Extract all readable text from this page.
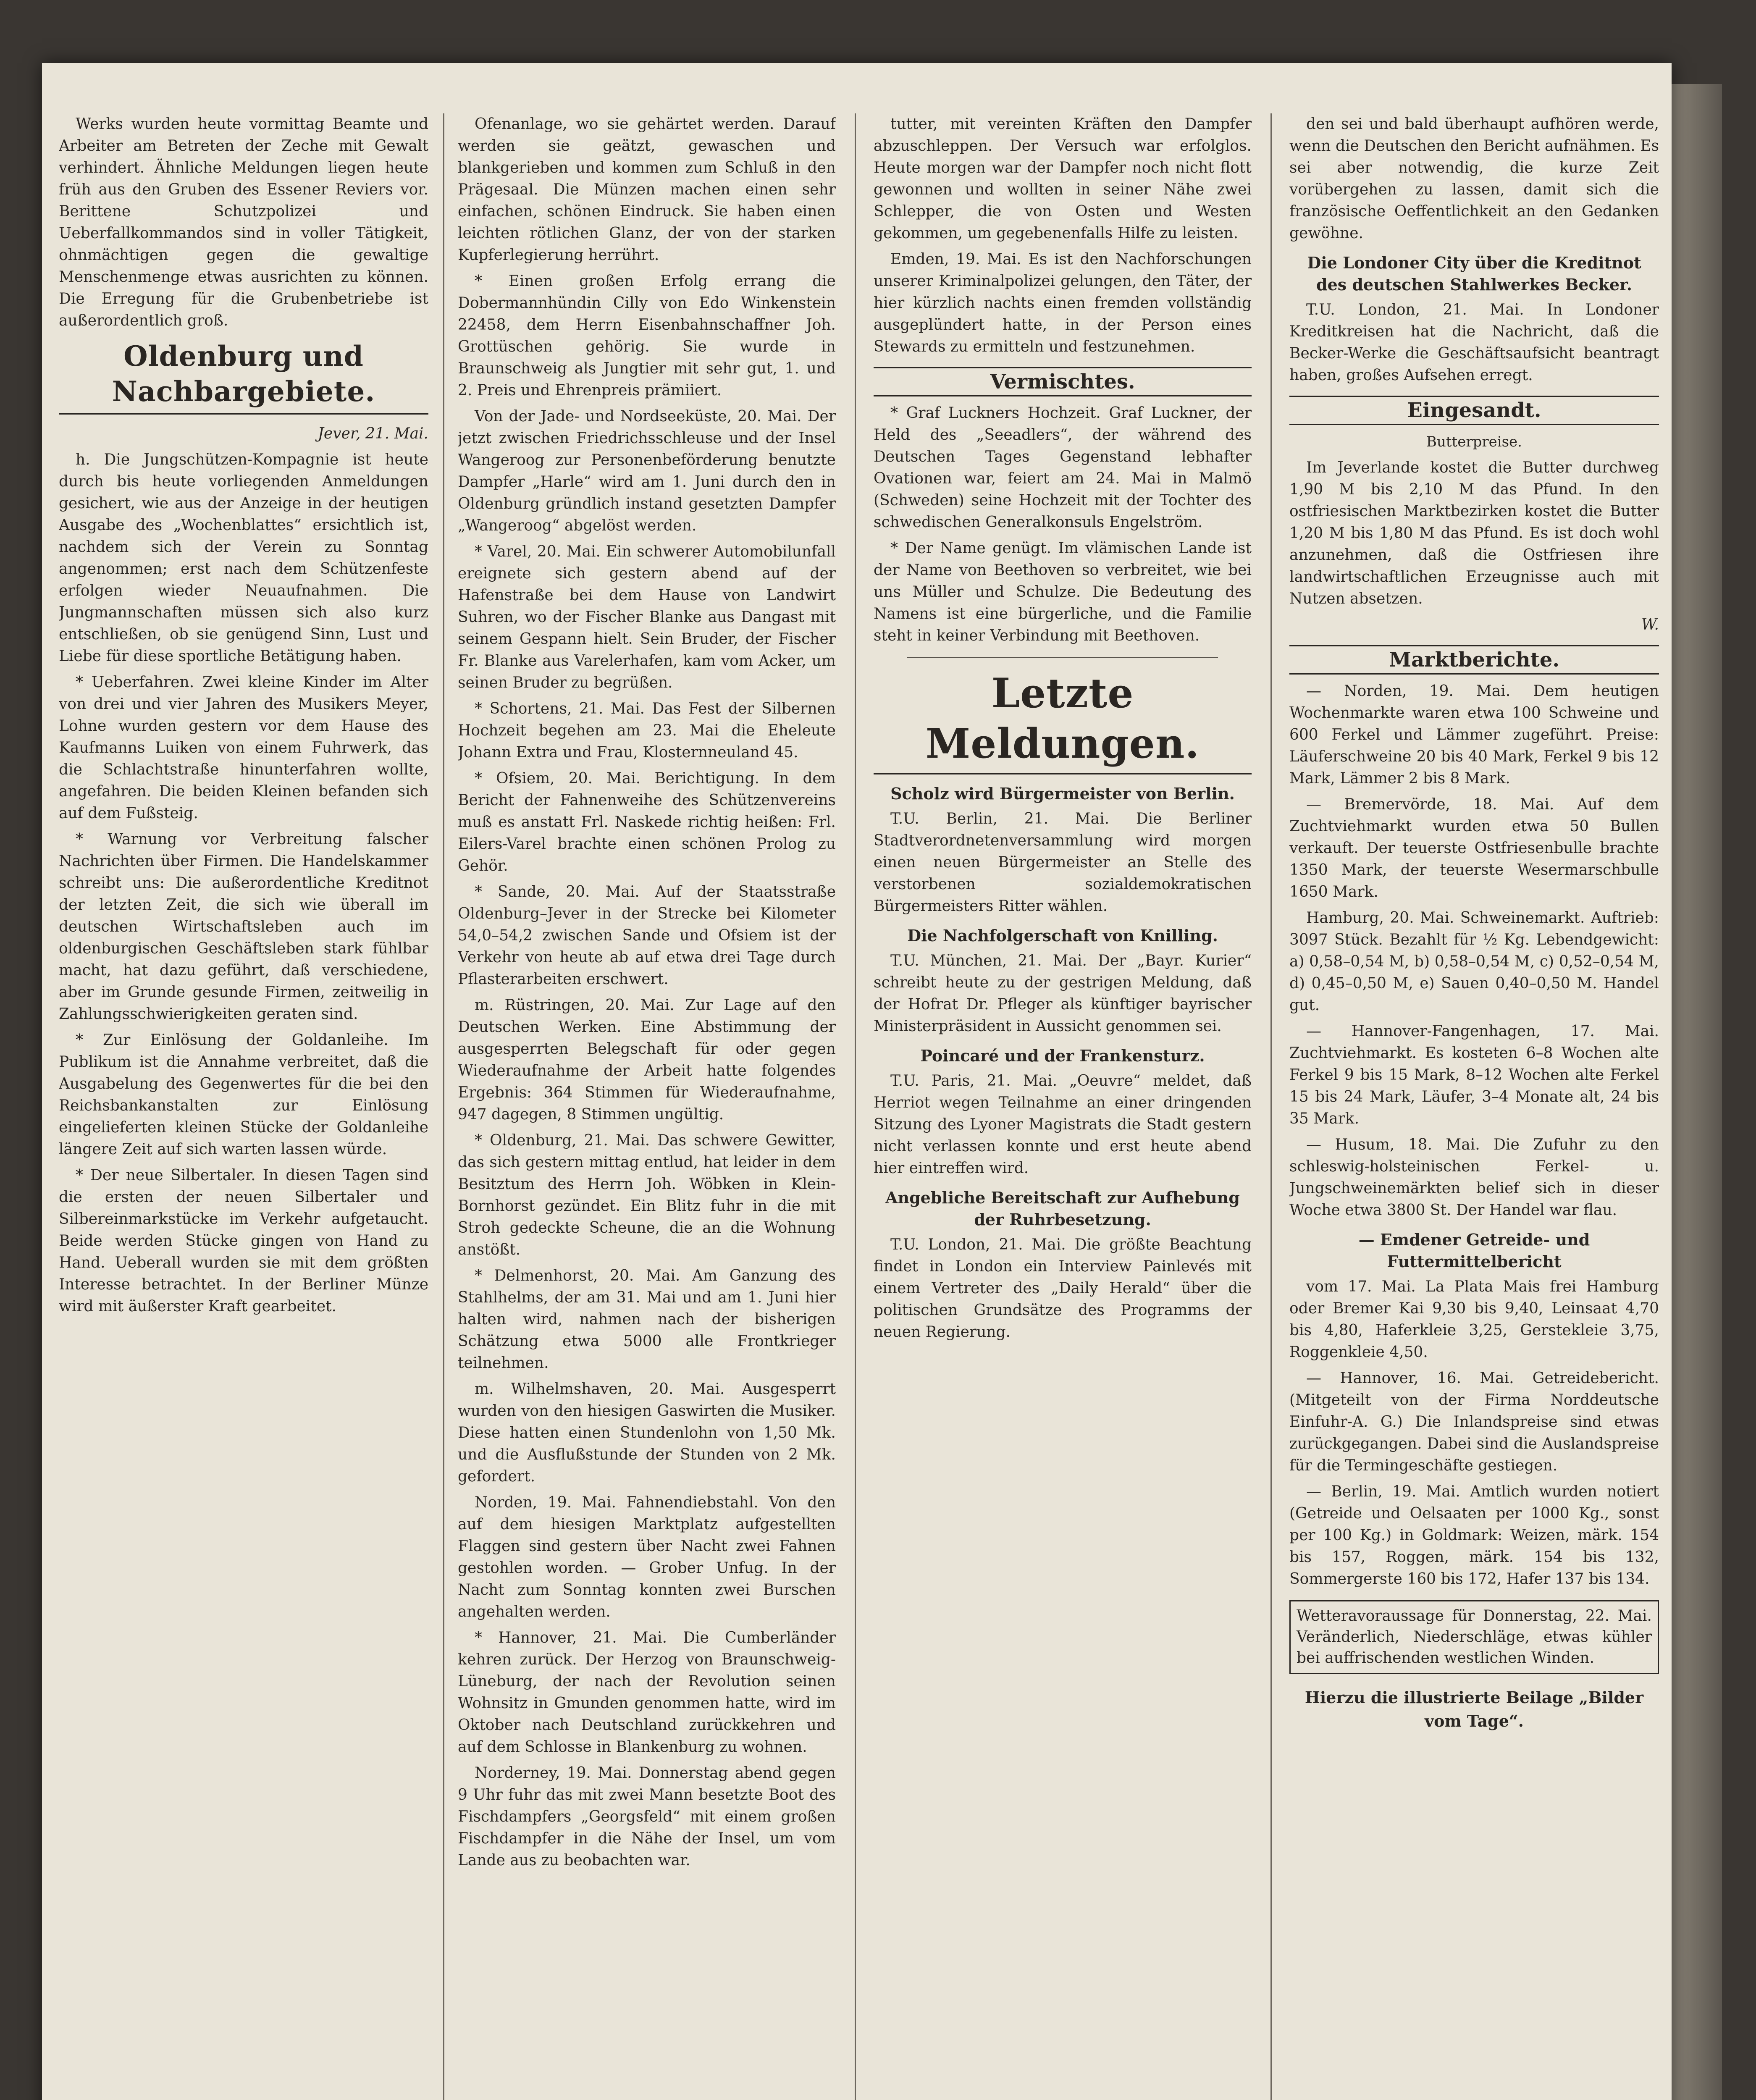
Werks wurden heute vormittag Beamte und Arbeiter am Betreten der Zeche mit Gewalt verhindert. Ähnliche Meldungen liegen heute früh aus den Gruben des Essener Reviers vor. Berittene Schutzpolizei und Ueberfallkommandos sind in voller Tätigkeit, ohnmächtigen gegen die gewaltige Menschenmenge etwas ausrichten zu können. Die Erregung für die Grubenbetriebe ist außerordentlich groß.

Oldenburg und Nachbargebiete.
Jever, 21. Mai.

h. Die Jungschützen-Kompagnie ist heute durch bis heute vorliegenden Anmeldungen gesichert, wie aus der Anzeige in der heutigen Ausgabe des „Wochenblattes“ ersichtlich ist, nachdem sich der Verein zu Sonntag angenommen; erst nach dem Schützenfeste erfolgen wieder Neuaufnahmen. Die Jungmannschaften müssen sich also kurz entschließen, ob sie genügend Sinn, Lust und Liebe für diese sportliche Betätigung haben.

* Ueberfahren. Zwei kleine Kinder im Alter von drei und vier Jahren des Musikers Meyer, Lohne wurden gestern vor dem Hause des Kaufmanns Luiken von einem Fuhrwerk, das die Schlachtstraße hinunterfahren wollte, angefahren. Die beiden Kleinen befanden sich auf dem Fußsteig.

* Warnung vor Verbreitung falscher Nachrichten über Firmen. Die Handelskammer schreibt uns: Die außerordentliche Kreditnot der letzten Zeit, die sich wie überall im deutschen Wirtschaftsleben auch im oldenburgischen Geschäftsleben stark fühlbar macht, hat dazu geführt, daß verschiedene, aber im Grunde gesunde Firmen, zeitweilig in Zahlungsschwierigkeiten geraten sind.

* Zur Einlösung der Goldanleihe. Im Publikum ist die Annahme verbreitet, daß die Ausgabelung des Gegenwertes für die bei den Reichsbankanstalten zur Einlösung eingelieferten kleinen Stücke der Goldanleihe längere Zeit auf sich warten lassen würde.

* Der neue Silbertaler. In diesen Tagen sind die ersten der neuen Silbertaler und Silbereinmarkstücke im Verkehr aufgetaucht. Beide werden Stücke gingen von Hand zu Hand. Ueberall wurden sie mit dem größten Interesse betrachtet. In der Berliner Münze wird mit äußerster Kraft gearbeitet.

Ofenanlage, wo sie gehärtet werden. Darauf werden sie geätzt, gewaschen und blankgerieben und kommen zum Schluß in den Prägesaal. Die Münzen machen einen sehr einfachen, schönen Eindruck. Sie haben einen leichten rötlichen Glanz, der von der starken Kupferlegierung herrührt.

* Einen großen Erfolg errang die Dobermannhündin Cilly von Edo Winkenstein 22458, dem Herrn Eisenbahnschaffner Joh. Grottüschen gehörig. Sie wurde in Braunschweig als Jungtier mit sehr gut, 1. und 2. Preis und Ehrenpreis prämiiert.

Von der Jade- und Nordseeküste, 20. Mai. Der jetzt zwischen Friedrichsschleuse und der Insel Wangeroog zur Personenbeförderung benutzte Dampfer „Harle“ wird am 1. Juni durch den in Oldenburg gründlich instand gesetzten Dampfer „Wangeroog“ abgelöst werden.

* Varel, 20. Mai. Ein schwerer Automobilunfall ereignete sich gestern abend auf der Hafenstraße bei dem Hause von Landwirt Suhren, wo der Fischer Blanke aus Dangast mit seinem Gespann hielt. Sein Bruder, der Fischer Fr. Blanke aus Varelerhafen, kam vom Acker, um seinen Bruder zu begrüßen.

* Schortens, 21. Mai. Das Fest der Silbernen Hochzeit begehen am 23. Mai die Eheleute Johann Extra und Frau, Klosternneuland 45.

* Ofsiem, 20. Mai. Berichtigung. In dem Bericht der Fahnenweihe des Schützenvereins muß es anstatt Frl. Naskede richtig heißen: Frl. Eilers-Varel brachte einen schönen Prolog zu Gehör.

* Sande, 20. Mai. Auf der Staatsstraße Oldenburg–Jever in der Strecke bei Kilometer 54,0–54,2 zwischen Sande und Ofsiem ist der Verkehr von heute ab auf etwa drei Tage durch Pflasterarbeiten erschwert.

m. Rüstringen, 20. Mai. Zur Lage auf den Deutschen Werken. Eine Abstimmung der ausgesperrten Belegschaft für oder gegen Wiederaufnahme der Arbeit hatte folgendes Ergebnis: 364 Stimmen für Wiederaufnahme, 947 dagegen, 8 Stimmen ungültig.

* Oldenburg, 21. Mai. Das schwere Gewitter, das sich gestern mittag entlud, hat leider in dem Besitztum des Herrn Joh. Wöbken in Klein-Bornhorst gezündet. Ein Blitz fuhr in die mit Stroh gedeckte Scheune, die an die Wohnung anstößt.

* Delmenhorst, 20. Mai. Am Ganzung des Stahlhelms, der am 31. Mai und am 1. Juni hier halten wird, nahmen nach der bisherigen Schätzung etwa 5000 alle Frontkrieger teilnehmen.

m. Wilhelmshaven, 20. Mai. Ausgesperrt wurden von den hiesigen Gaswirten die Musiker. Diese hatten einen Stundenlohn von 1,50 Mk. und die Ausflußstunde der Stunden von 2 Mk. gefordert.

Norden, 19. Mai. Fahnendiebstahl. Von den auf dem hiesigen Marktplatz aufgestellten Flaggen sind gestern über Nacht zwei Fahnen gestohlen worden. — Grober Unfug. In der Nacht zum Sonntag konnten zwei Burschen angehalten werden.

* Hannover, 21. Mai. Die Cumberländer kehren zurück. Der Herzog von Braunschweig-Lüneburg, der nach der Revolution seinen Wohnsitz in Gmunden genommen hatte, wird im Oktober nach Deutschland zurückkehren und auf dem Schlosse in Blankenburg zu wohnen.

Norderney, 19. Mai. Donnerstag abend gegen 9 Uhr fuhr das mit zwei Mann besetzte Boot des Fischdampfers „Georgsfeld“ mit einem großen Fischdampfer in die Nähe der Insel, um vom Lande aus zu beobachten war.

tutter, mit vereinten Kräften den Dampfer abzuschleppen. Der Versuch war erfolglos. Heute morgen war der Dampfer noch nicht flott gewonnen und wollten in seiner Nähe zwei Schlepper, die von Osten und Westen gekommen, um gegebenenfalls Hilfe zu leisten.

Emden, 19. Mai. Es ist den Nachforschungen unserer Kriminalpolizei gelungen, den Täter, der hier kürzlich nachts einen fremden vollständig ausgeplündert hatte, in der Person eines Stewards zu ermitteln und festzunehmen.

Vermischtes.

* Graf Luckners Hochzeit. Graf Luckner, der Held des „Seeadlers“, der während des Deutschen Tages Gegenstand lebhafter Ovationen war, feiert am 24. Mai in Malmö (Schweden) seine Hochzeit mit der Tochter des schwedischen Generalkonsuls Engelström.

* Der Name genügt. Im vlämischen Lande ist der Name von Beethoven so verbreitet, wie bei uns Müller und Schulze. Die Bedeutung des Namens ist eine bürgerliche, und die Familie steht in keiner Verbindung mit Beethoven.

Letzte Meldungen.
Scholz wird Bürgermeister von Berlin.

T.U. Berlin, 21. Mai. Die Berliner Stadtverordnetenversammlung wird morgen einen neuen Bürgermeister an Stelle des verstorbenen sozialdemokratischen Bürgermeisters Ritter wählen.

Die Nachfolgerschaft von Knilling.

T.U. München, 21. Mai. Der „Bayr. Kurier“ schreibt heute zu der gestrigen Meldung, daß der Hofrat Dr. Pfleger als künftiger bayrischer Ministerpräsident in Aussicht genommen sei.

Poincaré und der Frankensturz.

T.U. Paris, 21. Mai. „Oeuvre“ meldet, daß Herriot wegen Teilnahme an einer dringenden Sitzung des Lyoner Magistrats die Stadt gestern nicht verlassen konnte und erst heute abend hier eintreffen wird.

Angebliche Bereitschaft zur Aufhebung der Ruhrbesetzung.

T.U. London, 21. Mai. Die größte Beachtung findet in London ein Interview Painlevés mit einem Vertreter des „Daily Herald“ über die politischen Grundsätze des Programms der neuen Regierung.

den sei und bald überhaupt aufhören werde, wenn die Deutschen den Bericht aufnähmen. Es sei aber notwendig, die kurze Zeit vorübergehen zu lassen, damit sich die französische Oeffentlichkeit an den Gedanken gewöhne.

Die Londoner City über die Kreditnot des deutschen Stahlwerkes Becker.

T.U. London, 21. Mai. In Londoner Kreditkreisen hat die Nachricht, daß die Becker-Werke die Geschäftsaufsicht beantragt haben, großes Aufsehen erregt.

Eingesandt.
Butterpreise.

Im Jeverlande kostet die Butter durchweg 1,90 M bis 2,10 M das Pfund. In den ostfriesischen Marktbezirken kostet die Butter 1,20 M bis 1,80 M das Pfund. Es ist doch wohl anzunehmen, daß die Ostfriesen ihre landwirtschaftlichen Erzeugnisse auch mit Nutzen absetzen.

W.
Marktberichte.

— Norden, 19. Mai. Dem heutigen Wochenmarkte waren etwa 100 Schweine und 600 Ferkel und Lämmer zugeführt. Preise: Läuferschweine 20 bis 40 Mark, Ferkel 9 bis 12 Mark, Lämmer 2 bis 8 Mark.

— Bremervörde, 18. Mai. Auf dem Zuchtviehmarkt wurden etwa 50 Bullen verkauft. Der teuerste Ostfriesenbulle brachte 1350 Mark, der teuerste Wesermarschbulle 1650 Mark.

Hamburg, 20. Mai. Schweinemarkt. Auftrieb: 3097 Stück. Bezahlt für ½ Kg. Lebendgewicht: a) 0,58–0,54 M, b) 0,58–0,54 M, c) 0,52–0,54 M, d) 0,45–0,50 M, e) Sauen 0,40–0,50 M. Handel gut.

— Hannover-Fangenhagen, 17. Mai. Zuchtviehmarkt. Es kosteten 6–8 Wochen alte Ferkel 9 bis 15 Mark, 8–12 Wochen alte Ferkel 15 bis 24 Mark, Läufer, 3–4 Monate alt, 24 bis 35 Mark.

— Husum, 18. Mai. Die Zufuhr zu den schleswig-holsteinischen Ferkel- u. Jungschweinemärkten belief sich in dieser Woche etwa 3800 St. Der Handel war flau.

— Emdener Getreide- und Futtermittelbericht

vom 17. Mai. La Plata Mais frei Hamburg oder Bremer Kai 9,30 bis 9,40, Leinsaat 4,70 bis 4,80, Haferkleie 3,25, Gerstekleie 3,75, Roggenkleie 4,50.

— Hannover, 16. Mai. Getreidebericht. (Mitgeteilt von der Firma Norddeutsche Einfuhr-A. G.) Die Inlandspreise sind etwas zurückgegangen. Dabei sind die Auslandspreise für die Termingeschäfte gestiegen.

— Berlin, 19. Mai. Amtlich wurden notiert (Getreide und Oelsaaten per 1000 Kg., sonst per 100 Kg.) in Goldmark: Weizen, märk. 154 bis 157, Roggen, märk. 154 bis 132, Sommergerste 160 bis 172, Hafer 137 bis 134.

Wetteravoraussage für Donnerstag, 22. Mai. Veränderlich, Niederschläge, etwas kühler bei auffrischenden westlichen Winden.
Hierzu die illustrierte Beilage „Bilder vom Tage“.
